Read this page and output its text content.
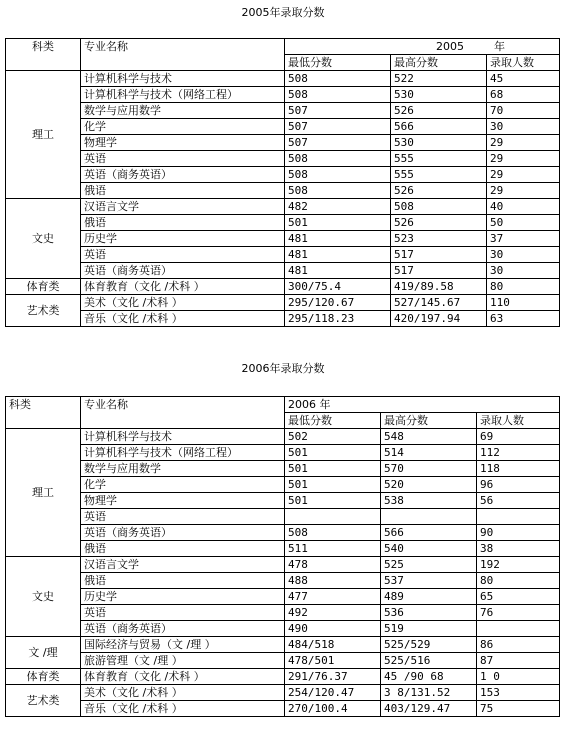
2005年录取分数
科类	专业名称	2005 年		
		最低分数	最高分数	录取人数
理工	计算机科学与技术	508	522	45
	计算机科学与技术（网络工程）	508	530	68
	数学与应用数学	507	526	70
	化学	507	566	30
	物理学	507	530	29
	英语	508	555	29
	英语（商务英语）	508	555	29
	俄语	508	526	29
文史	汉语言文学	482	508	40
	俄语	501	526	50
	历史学	481	523	37
	英语	481	517	30
	英语（商务英语）	481	517	30
体育类	体育教育（文化 /术科 ）	300/75.4	419/89.58	80
艺术类	美术（文化 /术科 ）	295/120.67	527/145.67	110
	音乐（文化 /术科 ）	295/118.23	420/197.94	63
2006年录取分数
科类	专业名称	2006 年		
		最低分数	最高分数	录取人数
理工	计算机科学与技术	502	548	69
	计算机科学与技术（网络工程）	501	514	112
	数学与应用数学	501	570	118
	化学	501	520	96
	物理学	501	538	56
	英语			
	英语（商务英语）	508	566	90
	俄语	511	540	38
文史	汉语言文学	478	525	192
	俄语	488	537	80
	历史学	477	489	65
	英语	492	536	76
	英语（商务英语）	490	519	
文 /理	国际经济与贸易（文 /理 ）	484/518	525/529	86
	旅游管理（文 /理 ）	478/501	525/516	87
体育类	体育教育（文化 /术科 ）	291/76.37	45 /90 68	1 0
艺术类	美术（文化 /术科 ）	254/120.47	3 8/131.52	153
	音乐（文化 /术科 ）	270/100.4	403/129.47	75
